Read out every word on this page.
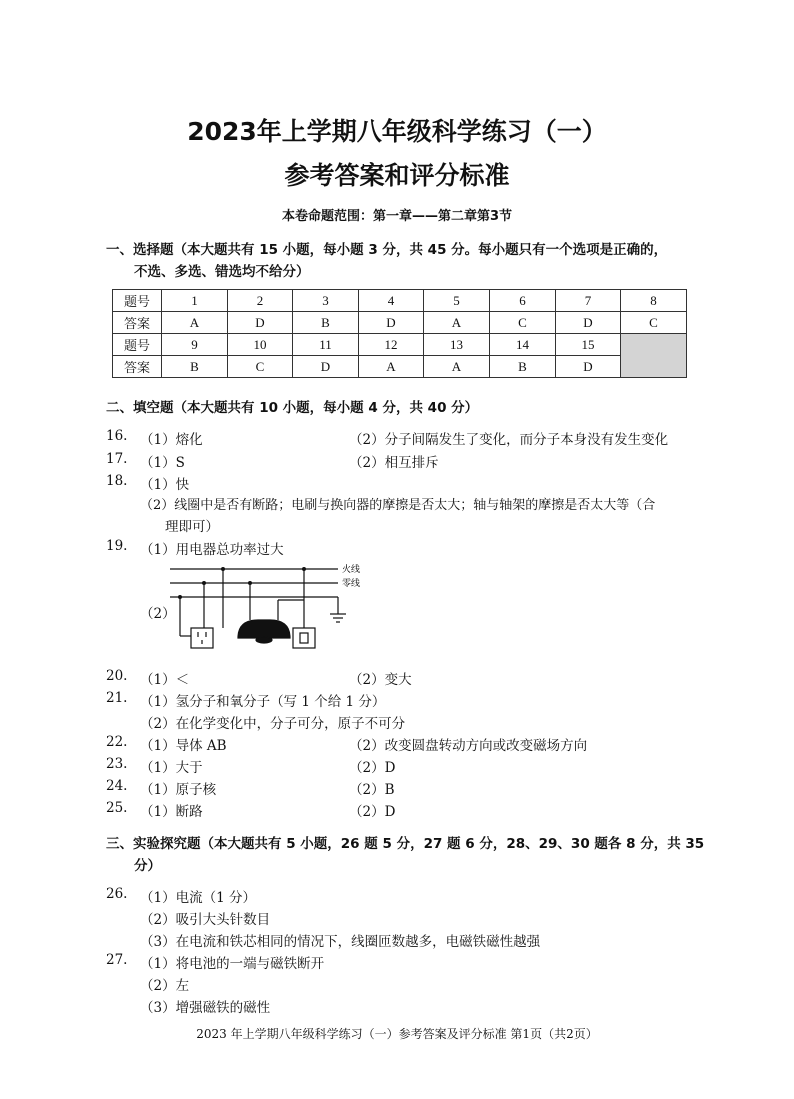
2023年上学期八年级科学练习（一）
参考答案和评分标准
本卷命题范围：第一章——第二章第3节
一、选择题（本大题共有 15 小题，每小题 3 分，共 45 分。每小题只有一个选项是正确的，
不选、多选、错选均不给分）
题号	1	2	3	4	5	6	7	8
答案	A	D	B	D	A	C	D	C
题号	9	10	11	12	13	14	15	
答案	B	C	D	A	A	B	D	
二、填空题（本大题共有 10 小题，每小题 4 分，共 40 分）
16. （1）熔化	（2）分子间隔发生了变化，而分子本身没有发生变化
17. （1）S	（2）相互排斥
18. （1）快
（2）线圈中是否有断路；电刷与换向器的摩擦是否太大；轴与轴架的摩擦是否太大等（合
理即可）
19. （1）用电器总功率过大
（2）
火线
零线
20. （1）＜	（2）变大
21. （1）氢分子和氧分子（写 1 个给 1 分）
（2）在化学变化中，分子可分，原子不可分
22. （1）导体 AB	（2）改变圆盘转动方向或改变磁场方向
23. （1）大于	（2）D
24. （1）原子核	（2）B
25. （1）断路	（2）D
三、实验探究题（本大题共有 5 小题，26 题 5 分，27 题 6 分，28、29、30 题各 8 分，共 35
分）
26. （1）电流（1 分）
（2）吸引大头针数目
（3）在电流和铁芯相同的情况下，线圈匝数越多，电磁铁磁性越强
27. （1）将电池的一端与磁铁断开
（2）左
（3）增强磁铁的磁性
2023 年上学期八年级科学练习（一）参考答案及评分标准 第1页（共2页）
